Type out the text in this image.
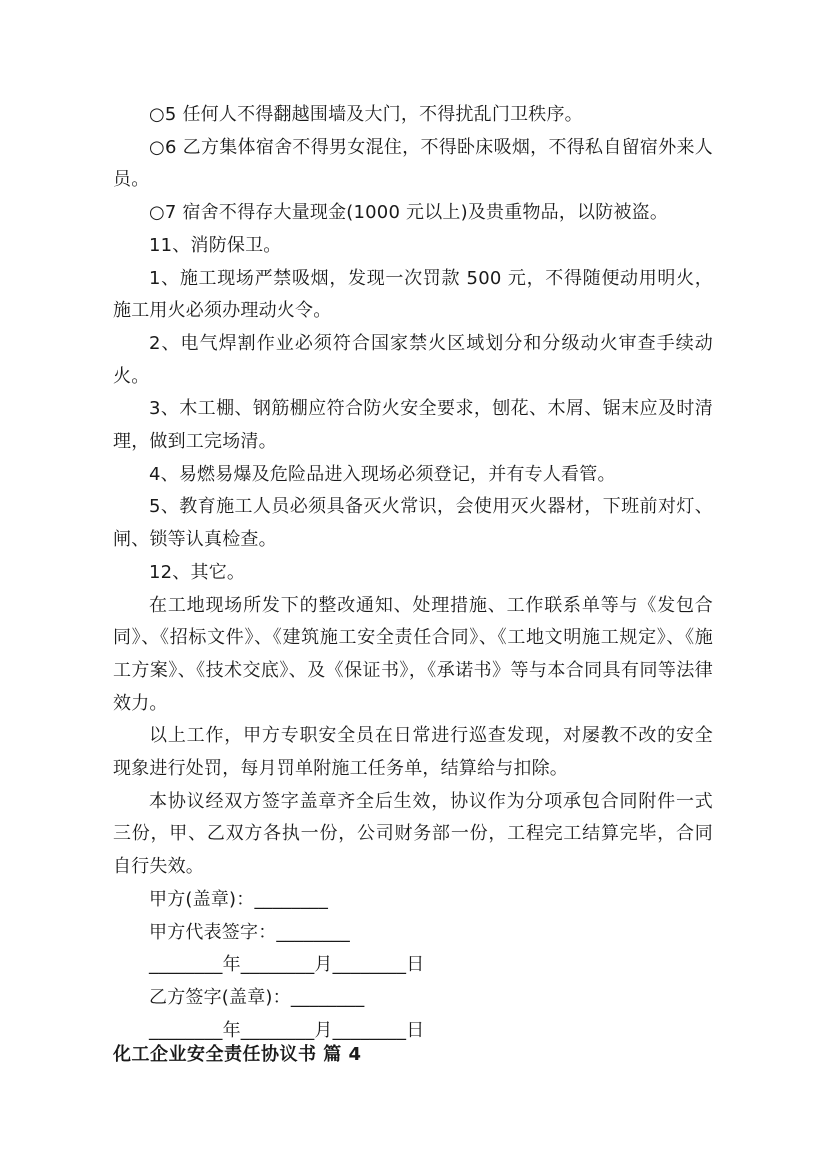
○5 任何人不得翻越围墙及大门，不得扰乱门卫秩序。

○6 乙方集体宿舍不得男女混住，不得卧床吸烟，不得私自留宿外来人员。

○7 宿舍不得存大量现金(1000 元以上)及贵重物品，以防被盗。

11、消防保卫。

1、施工现场严禁吸烟，发现一次罚款 500 元，不得随便动用明火，施工用火必须办理动火令。

2、电气焊割作业必须符合国家禁火区域划分和分级动火审查手续动火。

3、木工棚、钢筋棚应符合防火安全要求，刨花、木屑、锯末应及时清理，做到工完场清。

4、易燃易爆及危险品进入现场必须登记，并有专人看管。

5、教育施工人员必须具备灭火常识，会使用灭火器材，下班前对灯、闸、锁等认真检查。

12、其它。

在工地现场所发下的整改通知、处理措施、工作联系单等与《发包合同》、《招标文件》、《建筑施工安全责任合同》、《工地文明施工规定》、《施工方案》、《技术交底》、及《保证书》，《承诺书》等与本合同具有同等法律效力。

以上工作，甲方专职安全员在日常进行巡查发现，对屡教不改的安全现象进行处罚，每月罚单附施工任务单，结算给与扣除。

本协议经双方签字盖章齐全后生效，协议作为分项承包合同附件一式三份，甲、乙双方各执一份，公司财务部一份，工程完工结算完毕，合同自行失效。

甲方(盖章)：________

甲方代表签字：________

________年________月________日

乙方签字(盖章)：________

________年________月________日

化工企业安全责任协议书 篇 4
